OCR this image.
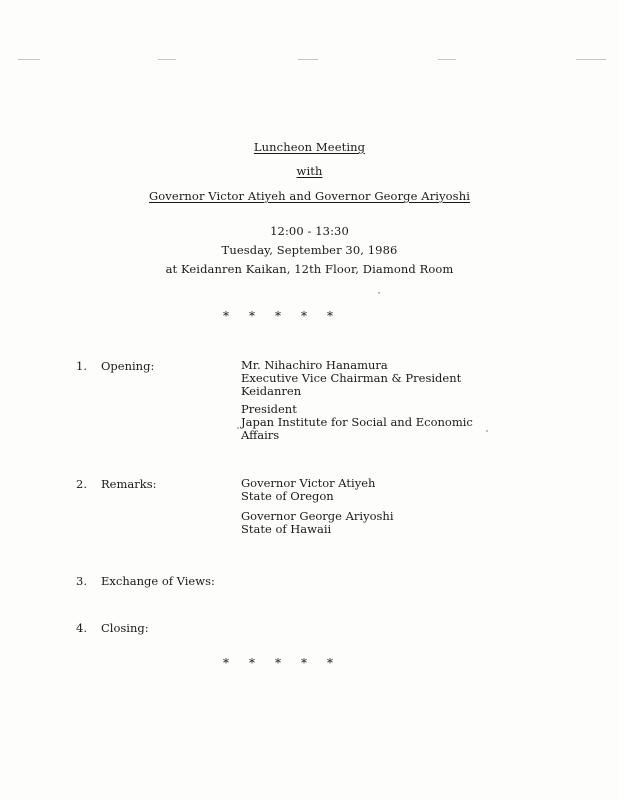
Luncheon Meeting
with
Governor Victor Atiyeh and Governor George Ariyoshi
12:00 - 13:30
Tuesday, September 30, 1986
at Keidanren Kaikan, 12th Floor, Diamond Room
* * * * *
1. Opening:	Mr. Nihachiro Hanamura
Executive Vice Chairman & President
Keidanren
President
Japan Institute for Social and Economic
Affairs
2. Remarks:	Governor Victor Atiyeh
State of Oregon
Governor George Ariyoshi
State of Hawaii
3. Exchange of Views:
4. Closing:
* * * * *
